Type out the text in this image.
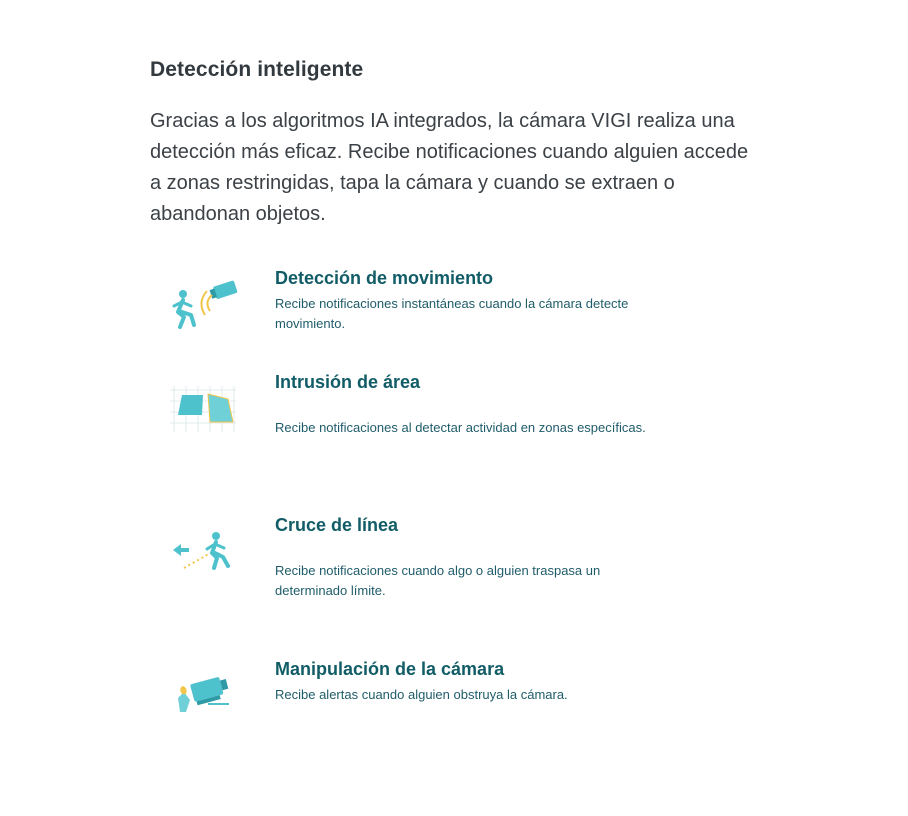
Detección inteligente

Gracias a los algoritmos IA integrados, la cámara VIGI realiza una detección más eficaz. Recibe notificaciones cuando alguien accede a zonas restringidas, tapa la cámara y cuando se extraen o abandonan objetos.

Detección de movimiento

Recibe notificaciones instantáneas cuando la cámara detecte movimiento.

Intrusión de área

Recibe notificaciones al detectar actividad en zonas específicas.

Cruce de línea

Recibe notificaciones cuando algo o alguien traspasa un determinado límite.

Manipulación de la cámara

Recibe alertas cuando alguien obstruya la cámara.
